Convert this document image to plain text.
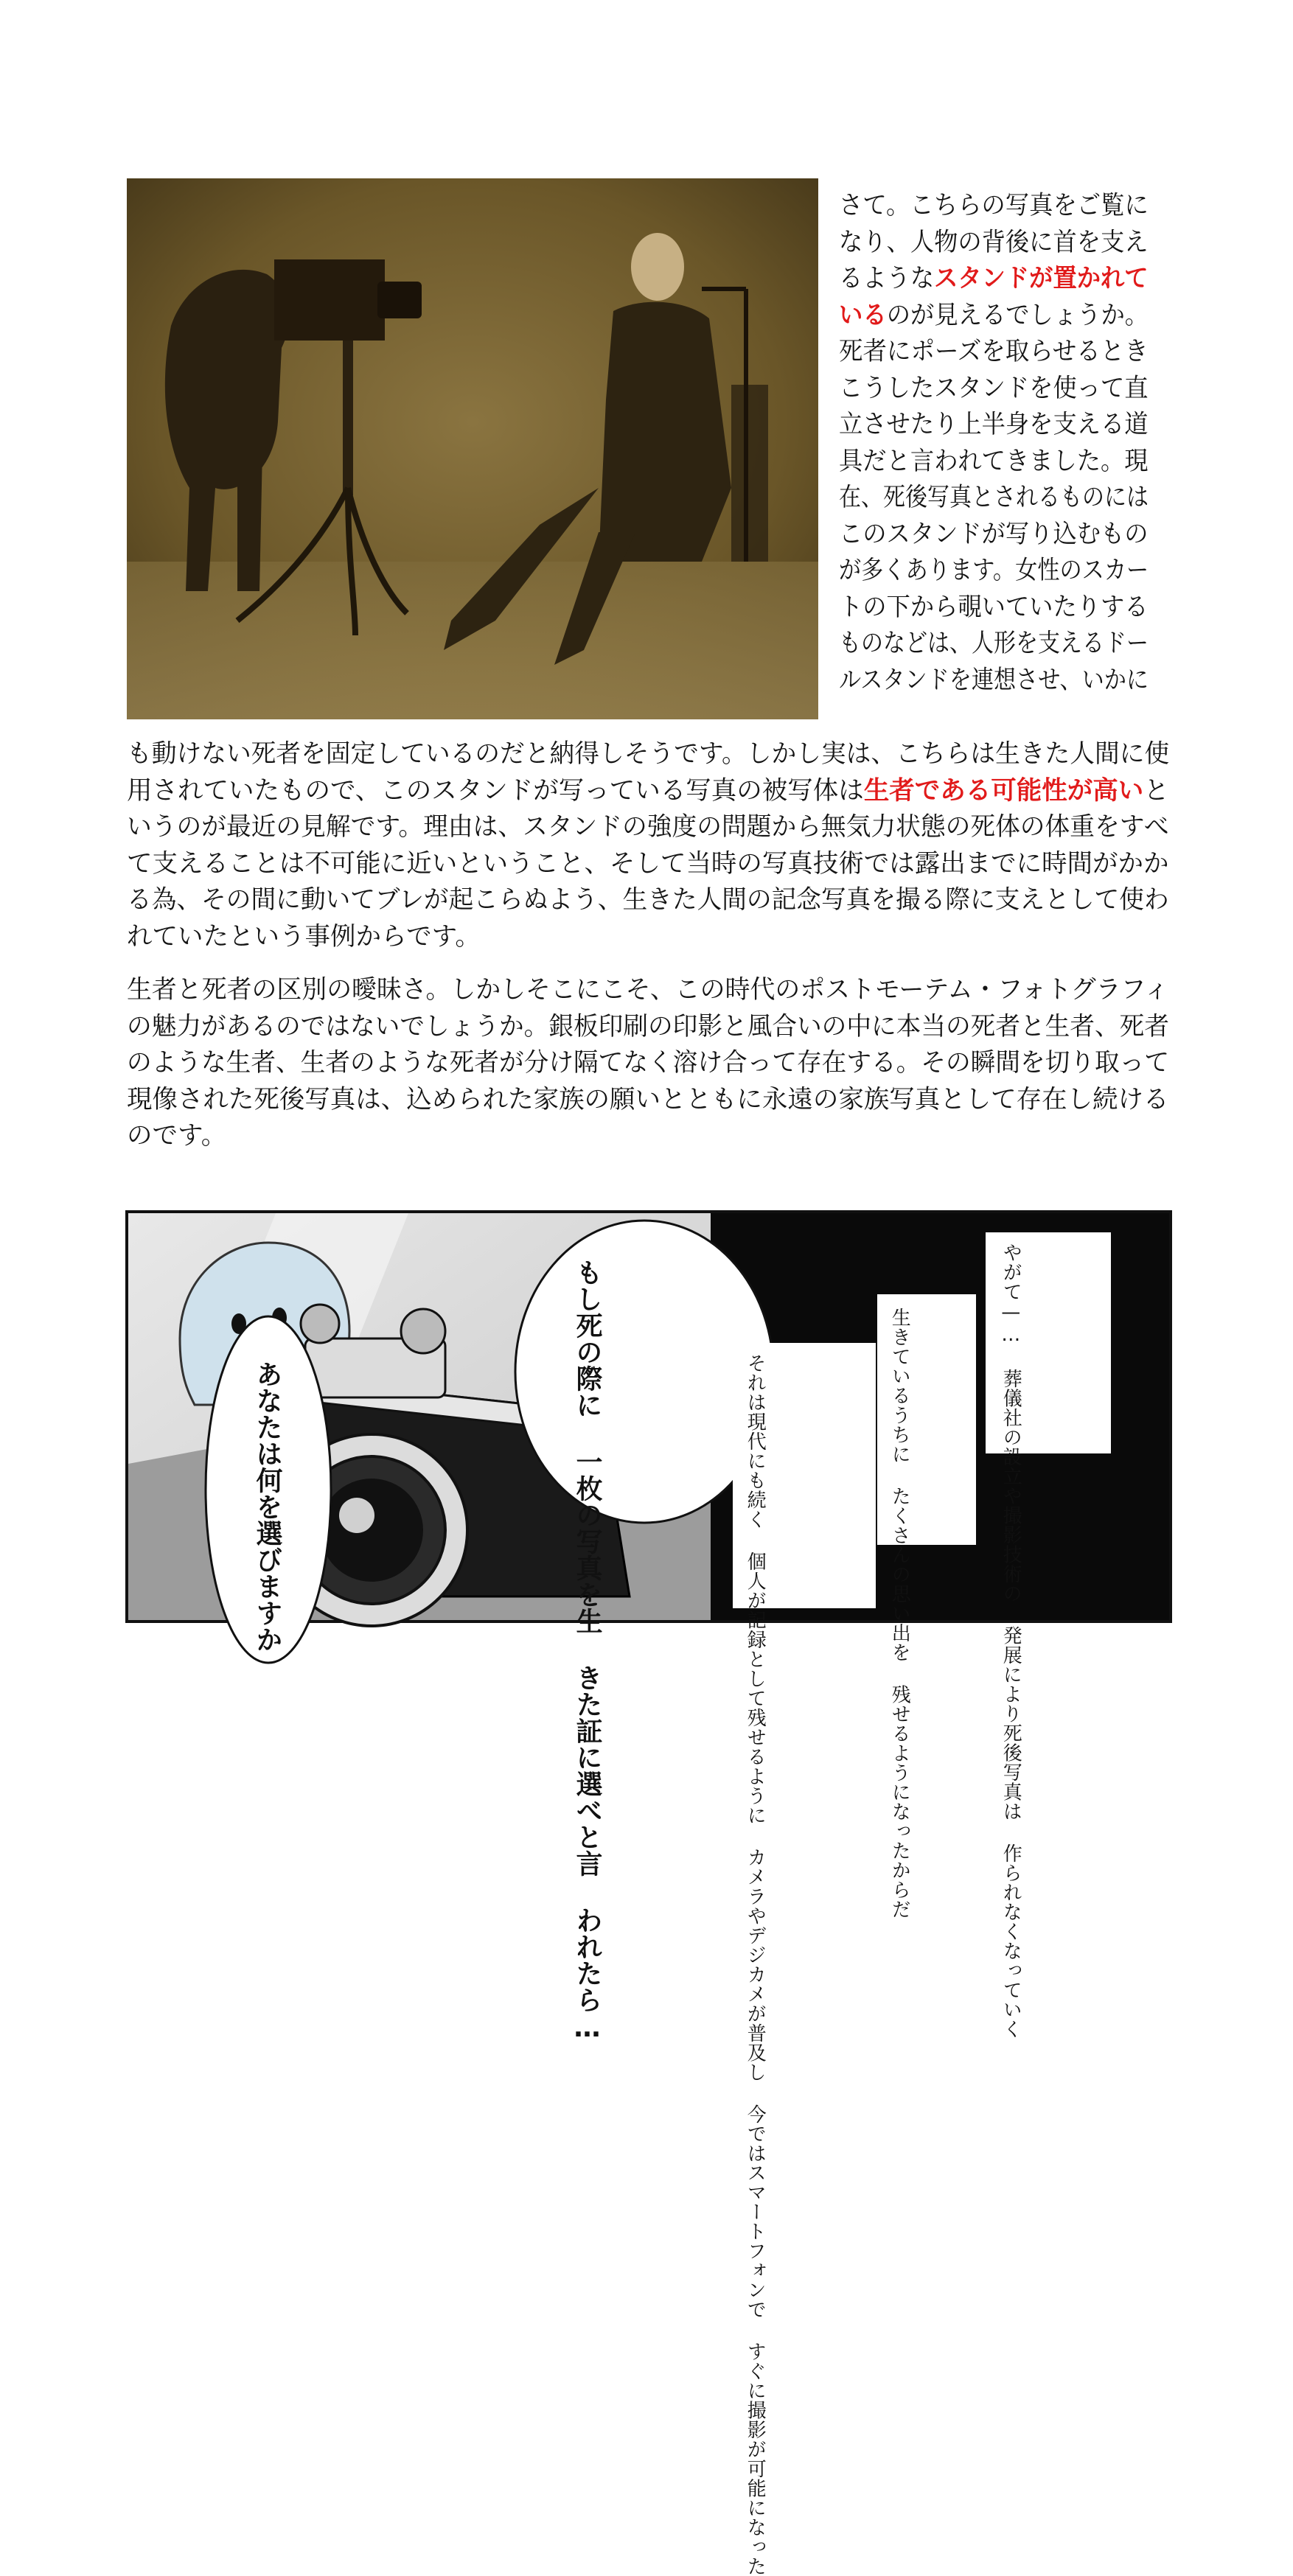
さて。こちらの写真をご覧に

なり、人物の背後に首を支え

るようなスタンドが置かれて

いるのが見えるでしょうか。

死者にポーズを取らせるとき

こうしたスタンドを使って直

立させたり上半身を支える道

具だと言われてきました。現

在、死後写真とされるものには

このスタンドが写り込むもの

が多くあります。女性のスカー

トの下から覗いていたりする

ものなどは、人形を支えるドー

ルスタンドを連想させ、いかに

も動けない死者を固定しているのだと納得しそうです。しかし実は、こちらは生きた人間に使

用されていたもので、このスタンドが写っている写真の被写体は生者である可能性が高いと

いうのが最近の見解です。理由は、スタンドの強度の問題から無気力状態の死体の体重をすべ

て支えることは不可能に近いということ、そして当時の写真技術では露出までに時間がかか

る為、その間に動いてブレが起こらぬよう、生きた人間の記念写真を撮る際に支えとして使わ

れていたという事例からです。

生者と死者の区別の曖昧さ。しかしそこにこそ、この時代のポストモーテム・フォトグラフィ

の魅力があるのではないでしょうか。銀板印刷の印影と風合いの中に本当の死者と生者、死者

のような生者、生者のような死者が分け隔てなく溶け合って存在する。その瞬間を切り取って

現像された死後写真は、込められた家族の願いとともに永遠の家族写真として存在し続ける

のです。

もし死の際に 一枚の写真を生 きた証に選べと言 われたら…
あなたは何を選びますか	やがて—… 葬儀社の設立や撮影技術の 発展により死後写真は 作られなくなっていく
生きているうちに たくさんの思い出を 残せるようになったからだ
それは現代にも続く 個人が記録として残せるように カメラやデジカメが普及し 今ではスマートフォンで すぐに撮影が可能になった
